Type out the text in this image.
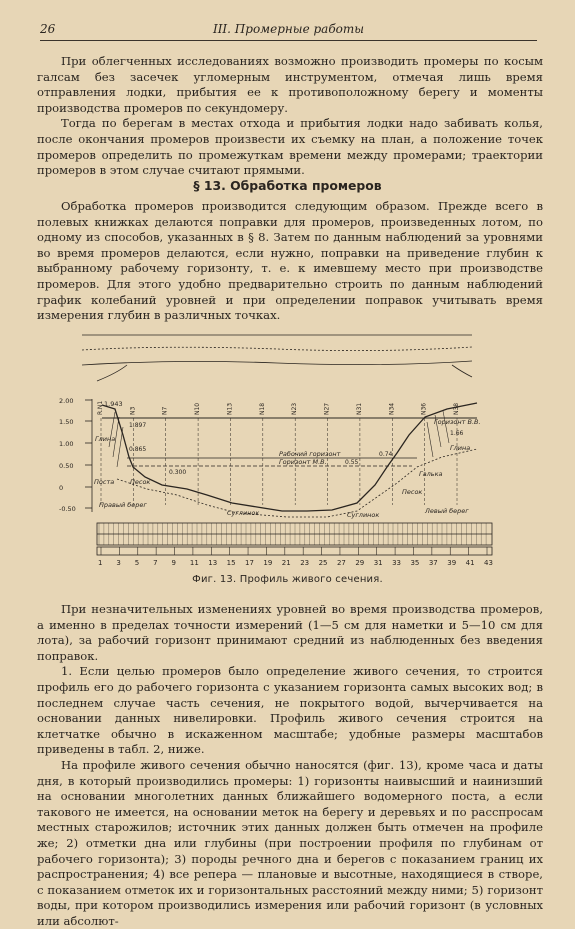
26	III. Промерные работы

При облегченных исследованиях возможно производить промеры по косым галсам без засечек угломерным инструментом, отмечая лишь время отправления лодки, прибытия ее к противоположному берегу и моменты производства промеров по секундомеру.

Тогда по берегам в местах отхода и прибытия лодки надо забивать колья, после окончания промеров произвести их съемку на план, а положение точек промеров определить по промежуткам времени между промерами; траектории промеров в этом случае считают прямыми.

§ 13. Обработка промеров

Обработка промеров производится следующим образом. Прежде всего в полевых книжках делаются поправки для промеров, произведенных лотом, по одному из способов, указанных в § 8. Затем по данным наблюдений за уровнями во время промеров делаются, если нужно, поправки на приведение глубин к выбранному рабочему горизонту, т. е. к имевшему место при производстве промеров. Для этого удобно предварительно строить по данным наблюдений график колебаний уровней и при определении поправок учитывать время измерения глубин в различных точках.

R.N1	N3	N7	N10	N13	N18	N23	N27	N31	N34	N36	N38
2.00
1.50
1.00
0.50
0
-0.50
1 3 5 7 9 11 13 15 17 19 21 23 25 27 29 31 33 35 37 39 41 43
1.943
1.897
0.865
0.300
Горизонт В.В.
1.66
Рабочий горизонт	0.74
Горизонт М.В.	0.55
Глина
Глина
Поста Песок
Песок
Галька
Суглинок	Суглинок
Правый берег
Левый берег
Фиг. 13. Профиль живого сечения.

При незначительных изменениях уровней во время производства промеров, а именно в пределах точности измерений (1—5 см для наметки и 5—10 см для лота), за рабочий горизонт принимают средний из наблюденных без введения поправок.

1. Если целью промеров было определение живого сечения, то строится профиль его до рабочего горизонта с указанием горизонта самых высоких вод; в последнем случае часть сечения, не покрытого водой, вычерчивается на основании данных нивелировки. Профиль живого сечения строится на клетчатке обычно в искаженном масштабе; удобные размеры масштабов приведены в табл. 2, ниже.

На профиле живого сечения обычно наносятся (фиг. 13), кроме часа и даты дня, в который производились промеры: 1) горизонты наивысший и наинизший на основании многолетних данных ближайшего водомерного поста, а если такового не имеется, на основании меток на берегу и деревьях и по расспросам местных старожилов; источник этих данных должен быть отмечен на профиле же; 2) отметки дна или глубины (при построении профиля по глубинам от рабочего горизонта); 3) породы речного дна и берегов с показанием границ их распространения; 4) все репера — плановые и высотные, находящиеся в створе, с показанием отметок их и горизонтальных расстояний между ними; 5) горизонт воды, при котором производились измерения или рабочий горизонт (в условных или абсолют-
